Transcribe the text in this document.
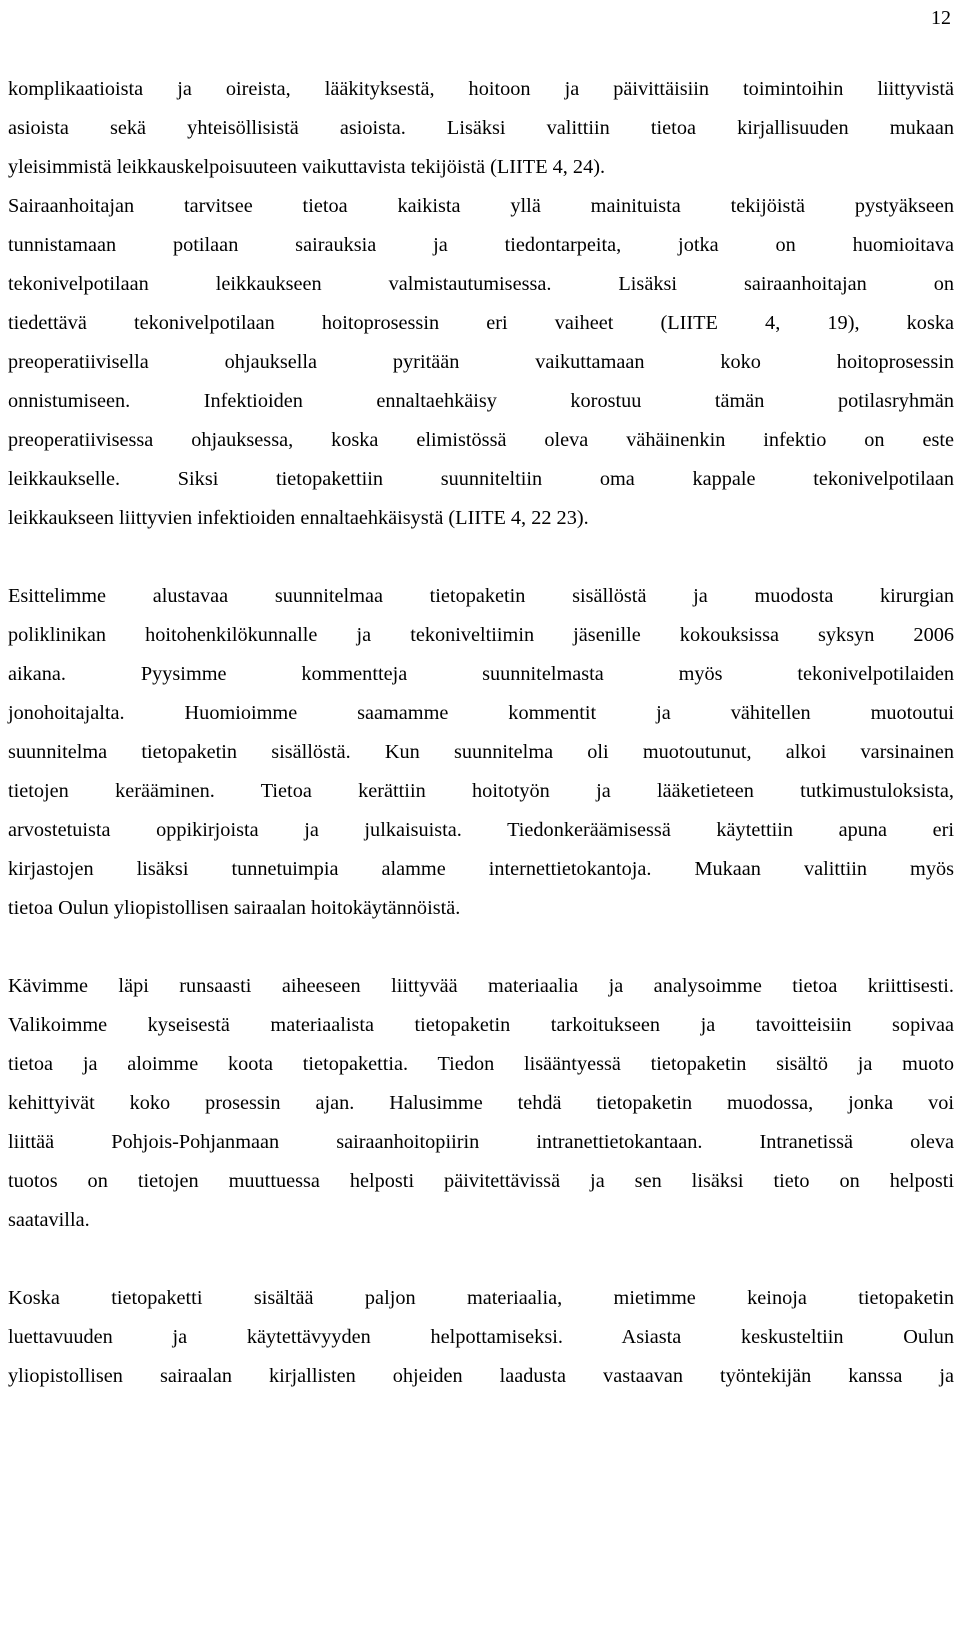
12
komplikaatioista ja oireista, lääkityksestä, hoitoon ja päivittäisiin toimintoihin liittyvistä
asioista sekä yhteisöllisistä asioista. Lisäksi valittiin tietoa kirjallisuuden mukaan
yleisimmistä leikkauskelpoisuuteen vaikuttavista tekijöistä (LIITE 4, 24).
Sairaanhoitajan tarvitsee tietoa kaikista yllä mainituista tekijöistä pystyäkseen
tunnistamaan potilaan sairauksia ja tiedontarpeita, jotka on huomioitava
tekonivelpotilaan leikkaukseen valmistautumisessa. Lisäksi sairaanhoitajan on
tiedettävä tekonivelpotilaan hoitoprosessin eri vaiheet (LIITE 4, 19), koska
preoperatiivisella ohjauksella pyritään vaikuttamaan koko hoitoprosessin
onnistumiseen. Infektioiden ennaltaehkäisy korostuu tämän potilasryhmän
preoperatiivisessa ohjauksessa, koska elimistössä oleva vähäinenkin infektio on este
leikkaukselle. Siksi tietopakettiin suunniteltiin oma kappale tekonivelpotilaan
leikkaukseen liittyvien infektioiden ennaltaehkäisystä (LIITE 4, 22 23).
Esittelimme alustavaa suunnitelmaa tietopaketin sisällöstä ja muodosta kirurgian
poliklinikan hoitohenkilökunnalle ja tekoniveltiimin jäsenille kokouksissa syksyn 2006
aikana. Pyysimme kommentteja suunnitelmasta myös tekonivelpotilaiden
jonohoitajalta. Huomioimme saamamme kommentit ja vähitellen muotoutui
suunnitelma tietopaketin sisällöstä. Kun suunnitelma oli muotoutunut, alkoi varsinainen
tietojen kerääminen. Tietoa kerättiin hoitotyön ja lääketieteen tutkimustuloksista,
arvostetuista oppikirjoista ja julkaisuista. Tiedonkeräämisessä käytettiin apuna eri
kirjastojen lisäksi tunnetuimpia alamme internettietokantoja. Mukaan valittiin myös
tietoa Oulun yliopistollisen sairaalan hoitokäytännöistä.
Kävimme läpi runsaasti aiheeseen liittyvää materiaalia ja analysoimme tietoa kriittisesti.
Valikoimme kyseisestä materiaalista tietopaketin tarkoitukseen ja tavoitteisiin sopivaa
tietoa ja aloimme koota tietopakettia. Tiedon lisääntyessä tietopaketin sisältö ja muoto
kehittyivät koko prosessin ajan. Halusimme tehdä tietopaketin muodossa, jonka voi
liittää Pohjois-Pohjanmaan sairaanhoitopiirin intranettietokantaan. Intranetissä oleva
tuotos on tietojen muuttuessa helposti päivitettävissä ja sen lisäksi tieto on helposti
saatavilla.
Koska tietopaketti sisältää paljon materiaalia, mietimme keinoja tietopaketin
luettavuuden ja käytettävyyden helpottamiseksi. Asiasta keskusteltiin Oulun
yliopistollisen sairaalan kirjallisten ohjeiden laadusta vastaavan työntekijän kanssa ja
